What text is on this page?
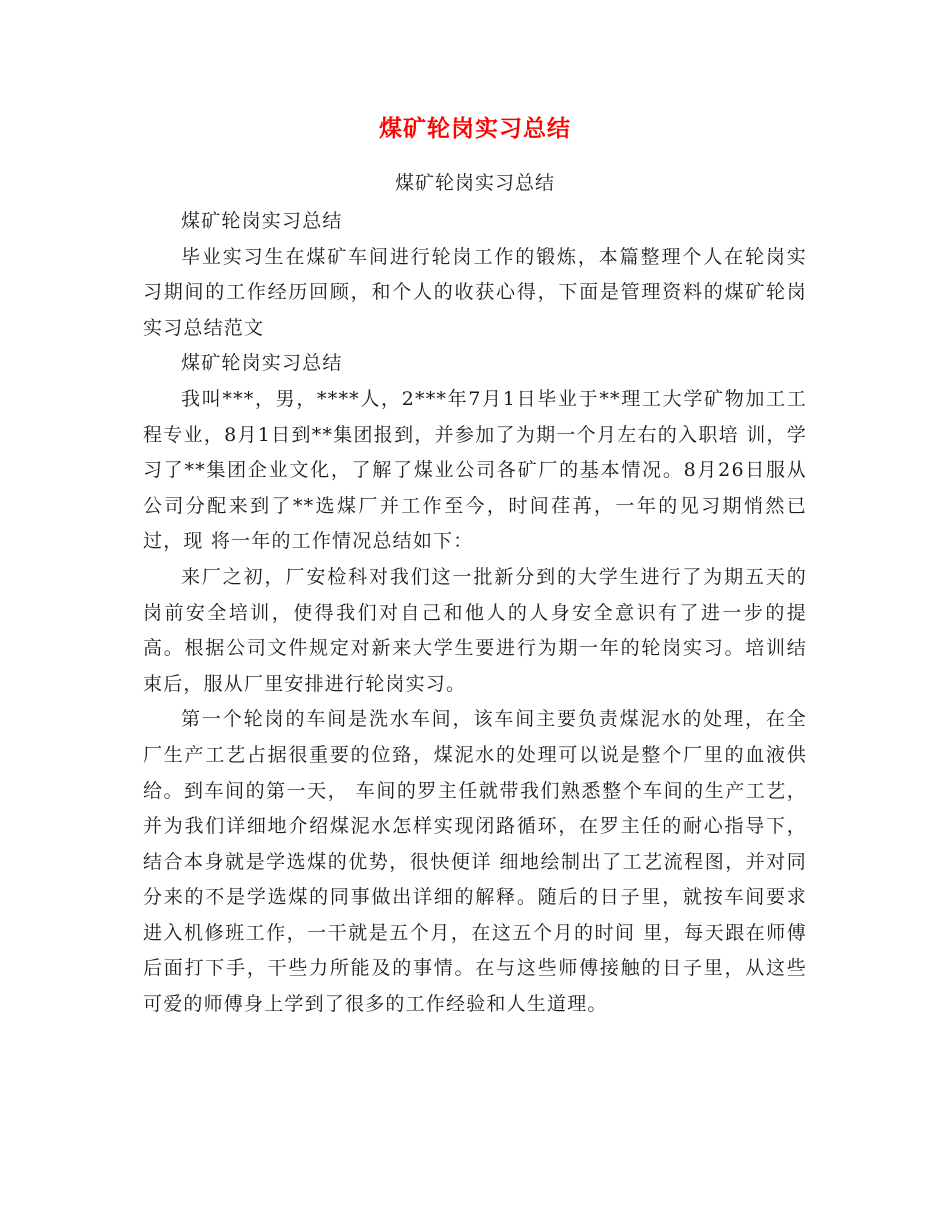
煤矿轮岗实习总结
煤矿轮岗实习总结

煤矿轮岗实习总结

毕业实习生在煤矿车间进行轮岗工作的锻炼，本篇整理个人在轮岗实习期间的工作经历回顾，和个人的收获心得，下面是管理资料的煤矿轮岗实习总结范文

煤矿轮岗实习总结

我叫***，男，****人，2***年7月1日毕业于**理工大学矿物加工工程专业，8月1日到**集团报到，并参加了为期一个月左右的入职培 训，学习了**集团企业文化，了解了煤业公司各矿厂的基本情况。8月26日服从公司分配来到了**选煤厂并工作至今，时间荏苒，一年的见习期悄然已过，现 将一年的工作情况总结如下：

来厂之初，厂安检科对我们这一批新分到的大学生进行了为期五天的岗前安全培训，使得我们对自己和他人的人身安全意识有了进一步的提高。根据公司文件规定对新来大学生要进行为期一年的轮岗实习。培训结束后，服从厂里安排进行轮岗实习。

第一个轮岗的车间是洗水车间，该车间主要负责煤泥水的处理，在全厂生产工艺占据很重要的位臵，煤泥水的处理可以说是整个厂里的血液供给。到车间的第一天， 车间的罗主任就带我们熟悉整个车间的生产工艺，并为我们详细地介绍煤泥水怎样实现闭路循环，在罗主任的耐心指导下，结合本身就是学选煤的优势，很快便详 细地绘制出了工艺流程图，并对同分来的不是学选煤的同事做出详细的解释。随后的日子里，就按车间要求进入机修班工作，一干就是五个月，在这五个月的时间 里，每天跟在师傅后面打下手，干些力所能及的事情。在与这些师傅接触的日子里，从这些可爱的师傅身上学到了很多的工作经验和人生道理。
